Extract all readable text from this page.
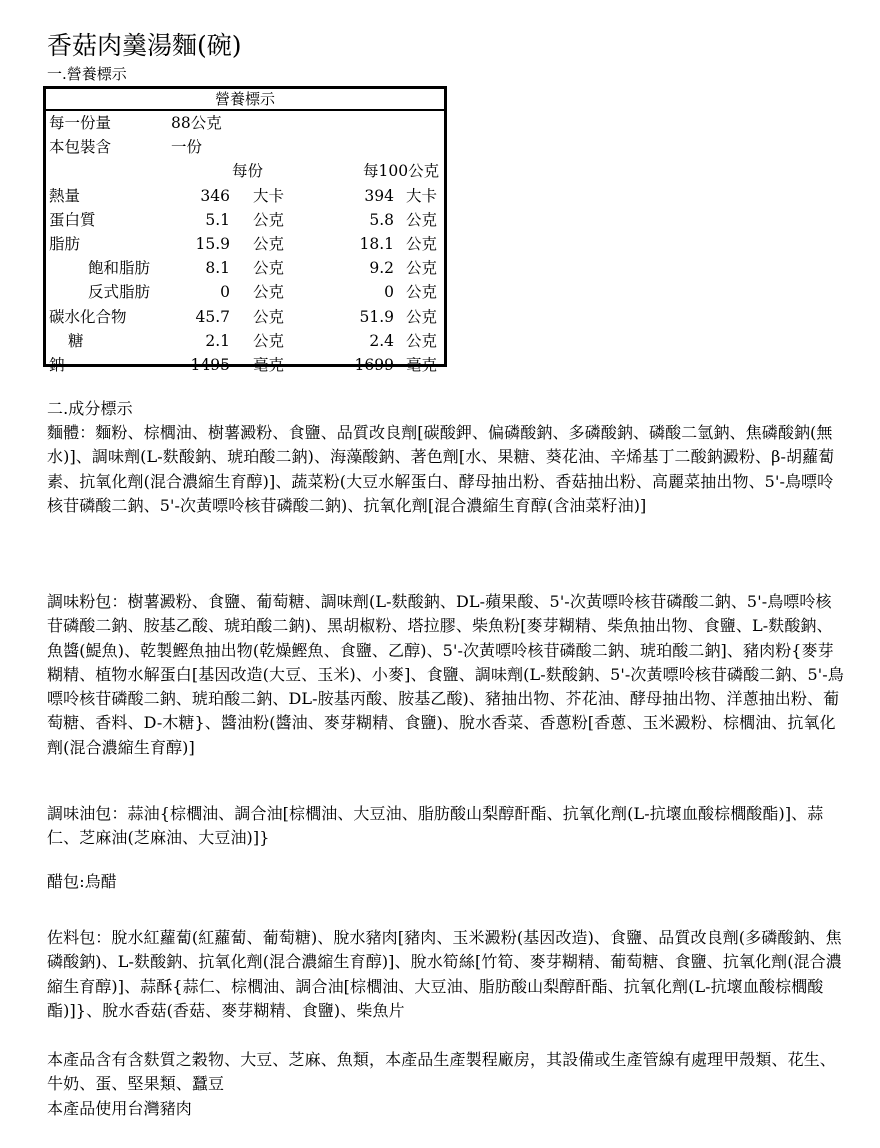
香菇肉羹湯麵(碗)
一.營養標示
營養標示
每一份量	88公克
本包裝含	一份
每份	每100公克
熱量	346 大卡	394 大卡
蛋白質	5.1 公克	5.8 公克
脂肪	15.9 公克	18.1 公克
飽和脂肪	8.1 公克	9.2 公克
反式脂肪	0 公克	0 公克
碳水化合物	45.7 公克	51.9 公克
糖	2.1 公克	2.4 公克
鈉	1495 毫克	1699 毫克
二.成分標示
麵體：麵粉、棕櫚油、樹薯澱粉、食鹽、品質改良劑[碳酸鉀、偏磷酸鈉、多磷酸鈉、磷酸二氫鈉、焦磷酸鈉(無水)]、調味劑(L-麩酸鈉、琥珀酸二鈉)、海藻酸鈉、著色劑[水、果糖、葵花油、辛烯基丁二酸鈉澱粉、β-胡蘿蔔素、抗氧化劑(混合濃縮生育醇)]、蔬菜粉(大豆水解蛋白、酵母抽出粉、香菇抽出粉、高麗菜抽出物、5'-鳥嘌呤核苷磷酸二鈉、5'-次黃嘌呤核苷磷酸二鈉)、抗氧化劑[混合濃縮生育醇(含油菜籽油)]
調味粉包：樹薯澱粉、食鹽、葡萄糖、調味劑(L-麩酸鈉、DL-蘋果酸、5'-次黃嘌呤核苷磷酸二鈉、5'-鳥嘌呤核苷磷酸二鈉、胺基乙酸、琥珀酸二鈉)、黑胡椒粉、塔拉膠、柴魚粉[麥芽糊精、柴魚抽出物、食鹽、L-麩酸鈉、魚醬(鯷魚)、乾製鰹魚抽出物(乾燥鰹魚、食鹽、乙醇)、5'-次黃嘌呤核苷磷酸二鈉、琥珀酸二鈉]、豬肉粉{麥芽糊精、植物水解蛋白[基因改造(大豆、玉米)、小麥]、食鹽、調味劑(L-麩酸鈉、5'-次黃嘌呤核苷磷酸二鈉、5'-鳥嘌呤核苷磷酸二鈉、琥珀酸二鈉、DL-胺基丙酸、胺基乙酸)、豬抽出物、芥花油、酵母抽出物、洋蔥抽出粉、葡萄糖、香料、D-木糖}、醬油粉(醬油、麥芽糊精、食鹽)、脫水香菜、香蔥粉[香蔥、玉米澱粉、棕櫚油、抗氧化劑(混合濃縮生育醇)]
調味油包：蒜油{棕櫚油、調合油[棕櫚油、大豆油、脂肪酸山梨醇酐酯、抗氧化劑(L-抗壞血酸棕櫚酸酯)]、蒜仁、芝麻油(芝麻油、大豆油)]}
醋包:烏醋
佐料包：脫水紅蘿蔔(紅蘿蔔、葡萄糖)、脫水豬肉[豬肉、玉米澱粉(基因改造)、食鹽、品質改良劑(多磷酸鈉、焦磷酸鈉)、L-麩酸鈉、抗氧化劑(混合濃縮生育醇)]、脫水筍絲[竹筍、麥芽糊精、葡萄糖、食鹽、抗氧化劑(混合濃縮生育醇)]、蒜酥{蒜仁、棕櫚油、調合油[棕櫚油、大豆油、脂肪酸山梨醇酐酯、抗氧化劑(L-抗壞血酸棕櫚酸酯)]}、脫水香菇(香菇、麥芽糊精、食鹽)、柴魚片
本產品含有含麩質之穀物、大豆、芝麻、魚類，本產品生產製程廠房，其設備或生產管線有處理甲殼類、花生、牛奶、蛋、堅果類、蠶豆
本產品使用台灣豬肉
